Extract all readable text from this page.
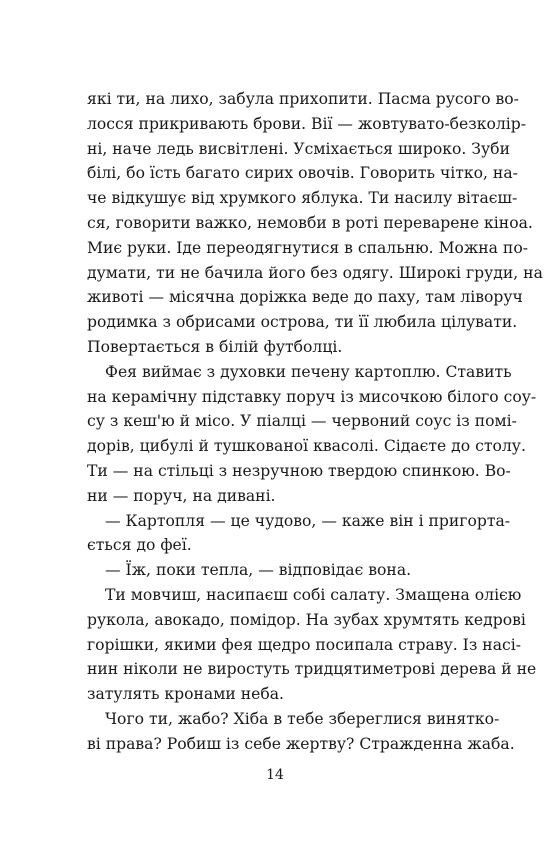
які ти, на лихо, забула прихопити. Пасма русого во-
лосся прикривають брови. Вії — жовтувато-безколір-
ні, наче ледь висвітлені. Усміхається широко. Зуби
білі, бо їсть багато сирих овочів. Говорить чітко, на-
че відкушує від хрумкого яблука. Ти насилу вітаєш-
ся, говорити важко, немовби в роті переварене кіноа.
Миє руки. Іде переодягнутися в спальню. Можна по-
думати, ти не бачила його без одягу. Широкі груди, на
животі — місячна доріжка веде до паху, там ліворуч
родимка з обрисами острова, ти її любила цілувати.
Повертається в білій футболці.

Фея виймає з духовки печену картоплю. Ставить
на керамічну підставку поруч із мисочкою білого соу-
су з кеш'ю й місо. У піалці — червоний соус із помі-
дорів, цибулі й тушкованої квасолі. Сідаєте до столу.
Ти — на стільці з незручною твердою спинкою. Во-
ни — поруч, на дивані.

— Картопля — це чудово, — каже він і пригорта-
ється до феї.

— Їж, поки тепла, — відповідає вона.

Ти мовчиш, насипаєш собі салату. Змащена олією
рукола, авокадо, помідор. На зубах хрумтять кедрові
горішки, якими фея щедро посипала страву. Із насі-
нин ніколи не виростуть тридцятиметрові дерева й не
затулять кронами неба.

Чого ти, жабо? Хіба в тебе збереглися винятко-
ві права? Робиш із себе жертву? Стражденна жаба.

14
